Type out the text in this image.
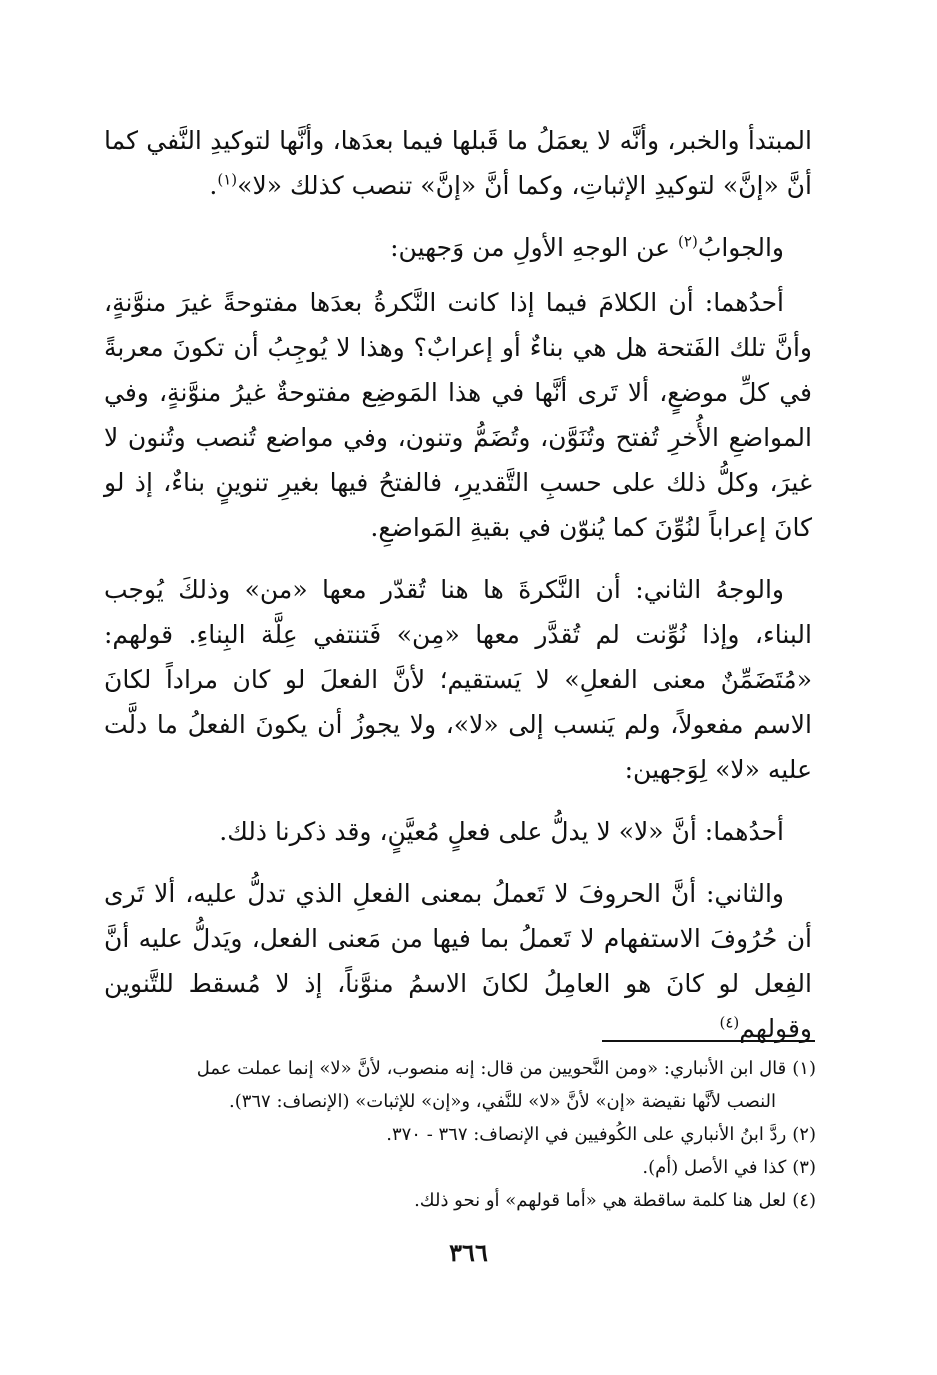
المبتدأ والخبر، وأنَّه لا يعمَلُ ما قَبلها فيما بعدَها، وأنَّها لتوكيدِ النَّفي كما أنَّ «إنَّ» لتوكيدِ الإثباتِ، وكما أنَّ «إنَّ» تنصب كذلك «لا»$^{(١)}$.

والجوابُ$^{(٢)}$ عن الوجهِ الأولِ من وَجهين:

أحدُهما: أن الكلامَ فيما إذا كانت النَّكرةُ بعدَها مفتوحةً غيرَ منوَّنةٍ، وأنَّ تلك الفَتحة هل هي بناءٌ أو إعرابٌ؟ وهذا لا يُوجِبُ أن تكونَ معربةً في كلِّ موضعٍ، ألا تَرى أنَّها في هذا المَوضِع مفتوحةٌ غيرُ منوَّنةٍ، وفي المواضعِ الأُخرِ تُفتح وتُنَوَّن، وتُضَمُّ وتنون، وفي مواضع تُنصب وتُنون لا غيرَ، وكلُّ ذلك على حسبِ التَّقديرِ، فالفتحُ فيها بغيرِ تنوينٍ بناءٌ، إذ لو كانَ إعراباً لنُوِّنَ كما يُنوّن في بقيةِ المَواضعِ.

والوجهُ الثاني: أن النَّكرةَ ها هنا تُقدّر معها «من» وذلكَ يُوجب البناء، وإذا نُوِّنت لم تُقدَّر معها «مِن» فَتنتفي عِلَّة البِناءِ. قولهم: «مُتَضَمِّنٌ معنى الفعلِ» لا يَستقيم؛ لأنَّ الفعلَ لو كان مراداً لكانَ الاسم مفعولاً، ولم يَنسب إلى «لا»، ولا يجوزُ أن يكونَ الفعلُ ما دلَّت عليه «لا» لِوَجهين:

أحدُهما: أنَّ «لا» لا يدلُّ على فعلٍ مُعيَّنٍ، وقد ذكرنا ذلك.

والثاني: أنَّ الحروفَ لا تَعملُ بمعنى الفعلِ الذي تدلُّ عليه، ألا تَرى أن حُرُوفَ الاستفهام لا تَعملُ بما فيها من مَعنى الفعل، ويَدلُّ عليه أنَّ الفِعل لو كانَ هو العامِلُ لكانَ الاسمُ منوَّناً، إذ لا مُسقط للتَّنوين وقولهم$^{(٤)}$

(١)قال ابن الأنباري: «ومن النَّحويين من قال: إنه منصوب، لأنَّ «لا» إنما عملت عمل

النصب لأنَّها نقيضة «إن» لأنَّ «لا» للنَّفي، و«إن» للإثبات» (الإنصاف: ٣٦٧).

(٢)ردَّ ابنُ الأنباري على الكُوفيين في الإنصاف: ٣٦٧ - ٣٧٠.

(٣)كذا في الأصل (أم).

(٤)لعل هنا كلمة ساقطة هي «أما قولهم» أو نحو ذلك.

٣٦٦
